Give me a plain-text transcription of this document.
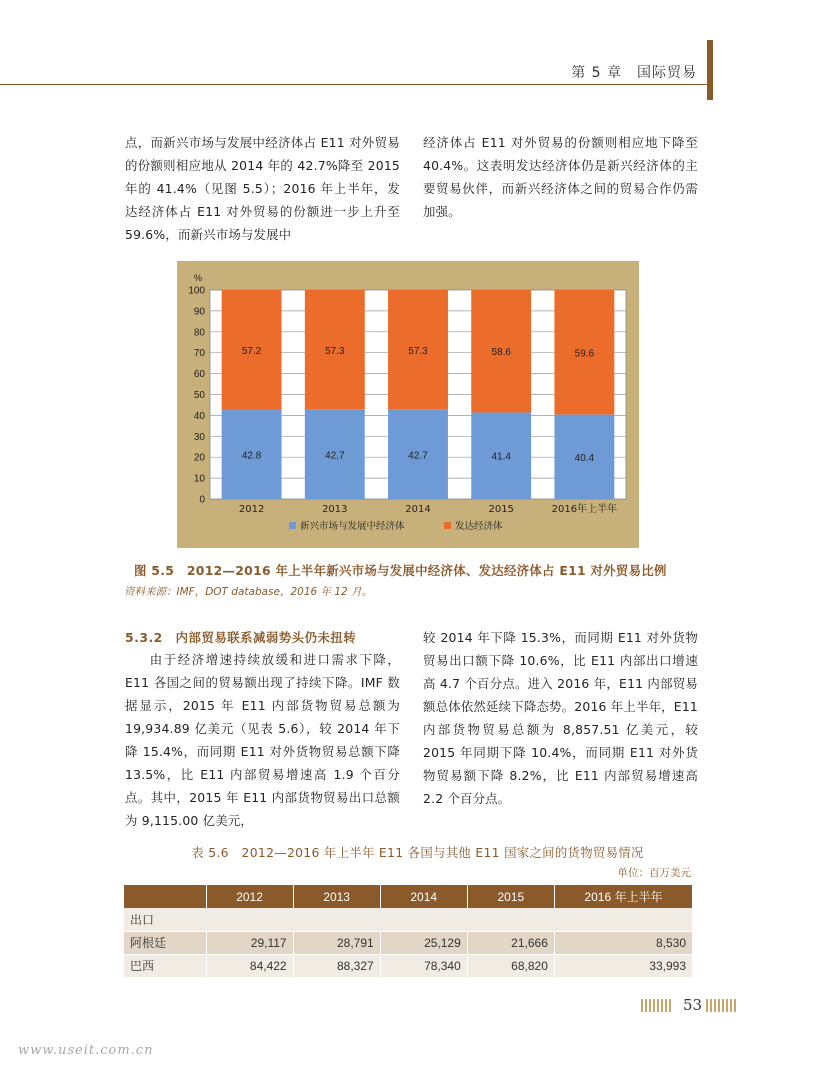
第 5 章　国际贸易

点，而新兴市场与发展中经济体占 E11 对外贸易的份额则相应地从 2014 年的 42.7%降至 2015 年的 41.4%（见图 5.5）；2016 年上半年，发达经济体占 E11 对外贸易的份额进一步上升至 59.6%，而新兴市场与发展中

经济体占 E11 对外贸易的份额则相应地下降至 40.4%。这表明发达经济体仍是新兴经济体的主要贸易伙伴，而新兴经济体之间的贸易合作仍需加强。

%
0
10
20
30
40
50
60
70
80
90
100
42.8
57.2
2012
42.7
57.3
2013
42.7
57.3
2014
41.4
58.6
2015
40.4
59.6
2016年上半年
新兴市场与发展中经济体	发达经济体
图 5.5　2012—2016 年上半年新兴市场与发展中经济体、发达经济体占 E11 对外贸易比例
资料来源：IMF，DOT database，2016 年 12 月。

5.3.2　内部贸易联系减弱势头仍未扭转

由于经济增速持续放缓和进口需求下降，E11 各国之间的贸易额出现了持续下降。IMF 数据显示，2015 年 E11 内部货物贸易总额为 19,934.89 亿美元（见表 5.6），较 2014 年下降 15.4%，而同期 E11 对外货物贸易总额下降 13.5%，比 E11 内部贸易增速高 1.9 个百分点。其中，2015 年 E11 内部货物贸易出口总额为 9,115.00 亿美元，

较 2014 年下降 15.3%，而同期 E11 对外货物贸易出口额下降 10.6%，比 E11 内部出口增速高 4.7 个百分点。进入 2016 年，E11 内部贸易额总体依然延续下降态势。2016 年上半年，E11 内部货物贸易总额为 8,857.51 亿美元，较 2015 年同期下降 10.4%，而同期 E11 对外货物贸易额下降 8.2%，比 E11 内部贸易增速高 2.2 个百分点。

表 5.6　2012—2016 年上半年 E11 各国与其他 E11 国家之间的货物贸易情况
单位：百万美元
	2012	2013	2014	2015	2016 年上半年
出口					
阿根廷	29,117	28,791	25,129	21,666	8,530
巴西	84,422	88,327	78,340	68,820	33,993
53
www.useit.com.cn
